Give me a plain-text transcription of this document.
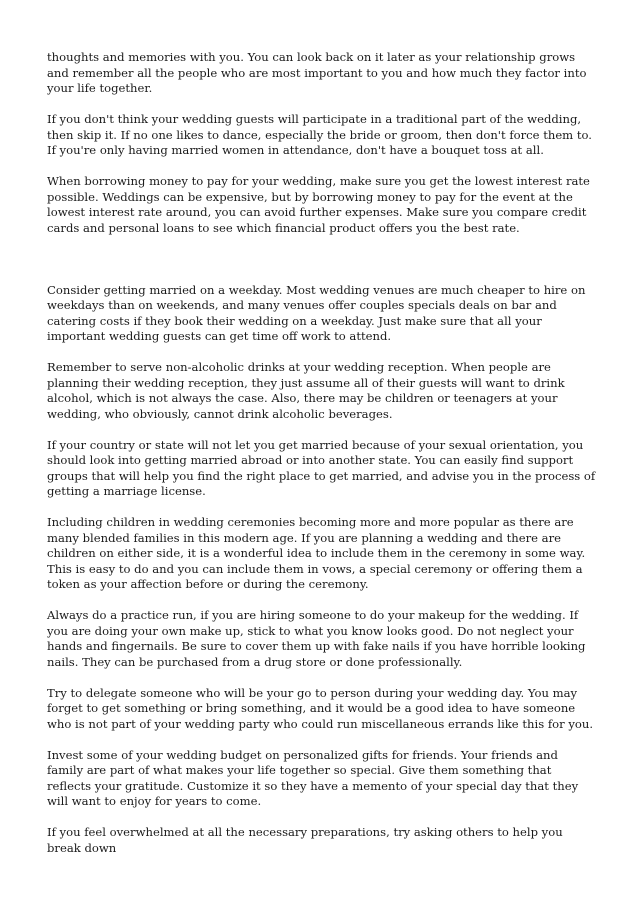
thoughts and memories with you. You can look back on it later as your relationship grows and remember all the people who are most important to you and how much they factor into your life together.

If you don't think your wedding guests will participate in a traditional part of the wedding, then skip it. If no one likes to dance, especially the bride or groom, then don't force them to. If you're only having married women in attendance, don't have a bouquet toss at all.

When borrowing money to pay for your wedding, make sure you get the lowest interest rate possible. Weddings can be expensive, but by borrowing money to pay for the event at the lowest interest rate around, you can avoid further expenses. Make sure you compare credit cards and personal loans to see which financial product offers you the best rate.

Consider getting married on a weekday. Most wedding venues are much cheaper to hire on weekdays than on weekends, and many venues offer couples specials deals on bar and catering costs if they book their wedding on a weekday. Just make sure that all your important wedding guests can get time off work to attend.

Remember to serve non-alcoholic drinks at your wedding reception. When people are planning their wedding reception, they just assume all of their guests will want to drink alcohol, which is not always the case. Also, there may be children or teenagers at your wedding, who obviously, cannot drink alcoholic beverages.

If your country or state will not let you get married because of your sexual orientation, you should look into getting married abroad or into another state. You can easily find support groups that will help you find the right place to get married, and advise you in the process of getting a marriage license.

Including children in wedding ceremonies becoming more and more popular as there are many blended families in this modern age. If you are planning a wedding and there are children on either side, it is a wonderful idea to include them in the ceremony in some way. This is easy to do and you can include them in vows, a special ceremony or offering them a token as your affection before or during the ceremony.

Always do a practice run, if you are hiring someone to do your makeup for the wedding. If you are doing your own make up, stick to what you know looks good. Do not neglect your hands and fingernails. Be sure to cover them up with fake nails if you have horrible looking nails. They can be purchased from a drug store or done professionally.

Try to delegate someone who will be your go to person during your wedding day. You may forget to get something or bring something, and it would be a good idea to have someone who is not part of your wedding party who could run miscellaneous errands like this for you.

Invest some of your wedding budget on personalized gifts for friends. Your friends and family are part of what makes your life together so special. Give them something that reflects your gratitude. Customize it so they have a memento of your special day that they will want to enjoy for years to come.

If you feel overwhelmed at all the necessary preparations, try asking others to help you break down
